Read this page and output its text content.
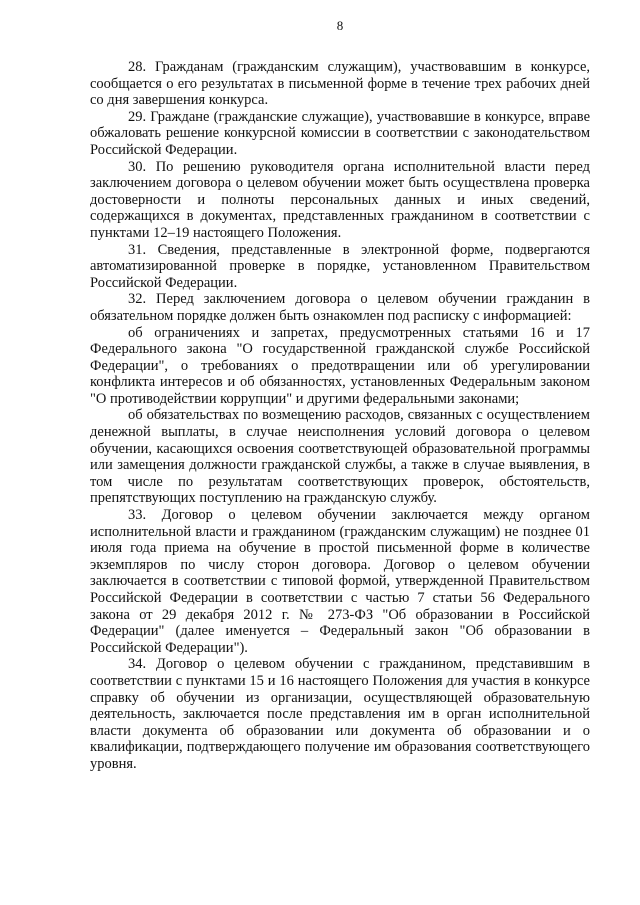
8

28. Гражданам (гражданским служащим), участвовавшим в конкурсе, сообщается о его результатах в письменной форме в течение трех рабочих дней со дня завершения конкурса.

29. Граждане (гражданские служащие), участвовавшие в конкурсе, вправе обжаловать решение конкурсной комиссии в соответствии с законодательством Российской Федерации.

30. По решению руководителя органа исполнительной власти перед заключением договора о целевом обучении может быть осуществлена проверка достоверности и полноты персональных данных и иных сведений, содержащихся в документах, представленных гражданином в соответствии с пунктами 12–19 настоящего Положения.

31. Сведения, представленные в электронной форме, подвергаются автоматизированной проверке в порядке, установленном Правительством Российской Федерации.

32. Перед заключением договора о целевом обучении гражданин в обязательном порядке должен быть ознакомлен под расписку с информацией:

об ограничениях и запретах, предусмотренных статьями 16 и 17 Федерального закона "О государственной гражданской службе Российской Федерации", о требованиях о предотвращении или об урегулировании конфликта интересов и об обязанностях, установленных Федеральным законом "О противодействии коррупции" и другими федеральными законами;

об обязательствах по возмещению расходов, связанных с осуществлением денежной выплаты, в случае неисполнения условий договора о целевом обучении, касающихся освоения соответствующей образовательной программы или замещения должности гражданской службы, а также в случае выявления, в том числе по результатам соответствующих проверок, обстоятельств, препятствующих поступлению на гражданскую службу.

33. Договор о целевом обучении заключается между органом исполнительной власти и гражданином (гражданским служащим) не позднее 01 июля года приема на обучение в простой письменной форме в количестве экземпляров по числу сторон договора. Договор о целевом обучении заключается в соответствии с типовой формой, утвержденной Правительством Российской Федерации в соответствии с частью 7 статьи 56 Федерального закона от 29 декабря 2012 г. № 273-ФЗ "Об образовании в Российской Федерации" (далее именуется – Федеральный закон "Об образовании в Российской Федерации").

34. Договор о целевом обучении с гражданином, представившим в соответствии с пунктами 15 и 16 настоящего Положения для участия в конкурсе справку об обучении из организации, осуществляющей образовательную деятельность, заключается после представления им в орган исполнительной власти документа об образовании или документа об образовании и о квалификации, подтверждающего получение им образования соответствующего уровня.
